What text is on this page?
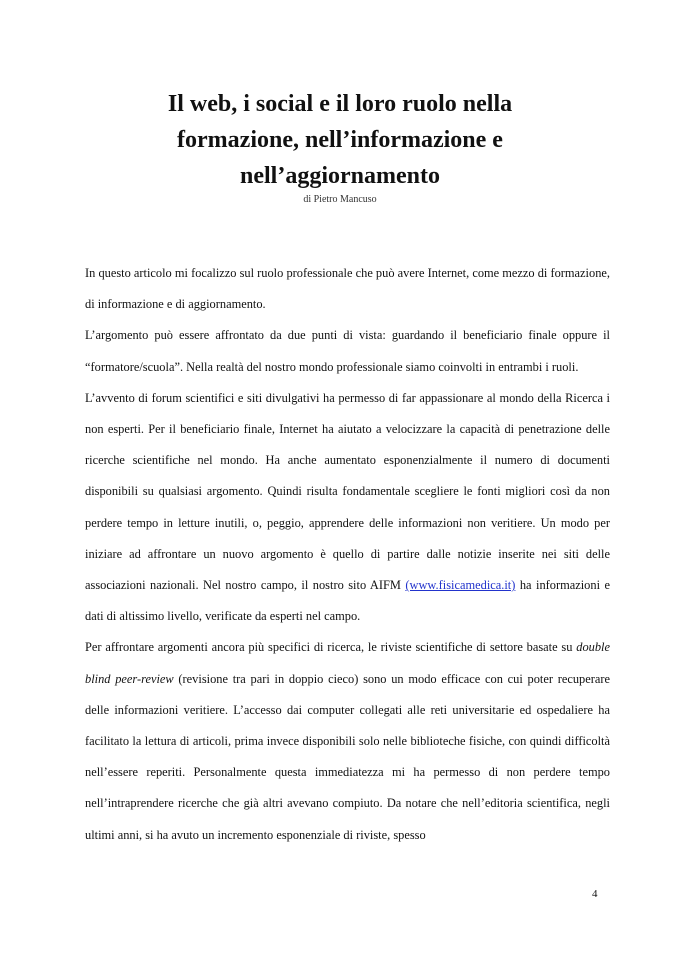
Il web, i social e il loro ruolo nella
formazione, nell’informazione e
nell’aggiornamento
di Pietro Mancuso

In questo articolo mi focalizzo sul ruolo professionale che può avere Internet, come mezzo di formazione, di informazione e di aggiornamento.

L’argomento può essere affrontato da due punti di vista: guardando il beneficiario finale oppure il “formatore/scuola”. Nella realtà del nostro mondo professionale siamo coinvolti in entrambi i ruoli.

L’avvento di forum scientifici e siti divulgativi ha permesso di far appassionare al mondo della Ricerca i non esperti. Per il beneficiario finale, Internet ha aiutato a velocizzare la capacità di penetrazione delle ricerche scientifiche nel mondo. Ha anche aumentato esponenzialmente il numero di documenti disponibili su qualsiasi argomento. Quindi risulta fondamentale scegliere le fonti migliori così da non perdere tempo in letture inutili, o, peggio, apprendere delle informazioni non veritiere. Un modo per iniziare ad affrontare un nuovo argomento è quello di partire dalle notizie inserite nei siti delle associazioni nazionali. Nel nostro campo, il nostro sito AIFM (www.fisicamedica.it) ha informazioni e dati di altissimo livello, verificate da esperti nel campo.

Per affrontare argomenti ancora più specifici di ricerca, le riviste scientifiche di settore basate su double blind peer-review (revisione tra pari in doppio cieco) sono un modo efficace con cui poter recuperare delle informazioni veritiere. L’accesso dai computer collegati alle reti universitarie ed ospedaliere ha facilitato la lettura di articoli, prima invece disponibili solo nelle biblioteche fisiche, con quindi difficoltà nell’essere reperiti. Personalmente questa immediatezza mi ha permesso di non perdere tempo nell’intraprendere ricerche che già altri avevano compiuto. Da notare che nell’editoria scientifica, negli ultimi anni, si ha avuto un incremento esponenziale di riviste, spesso

4
